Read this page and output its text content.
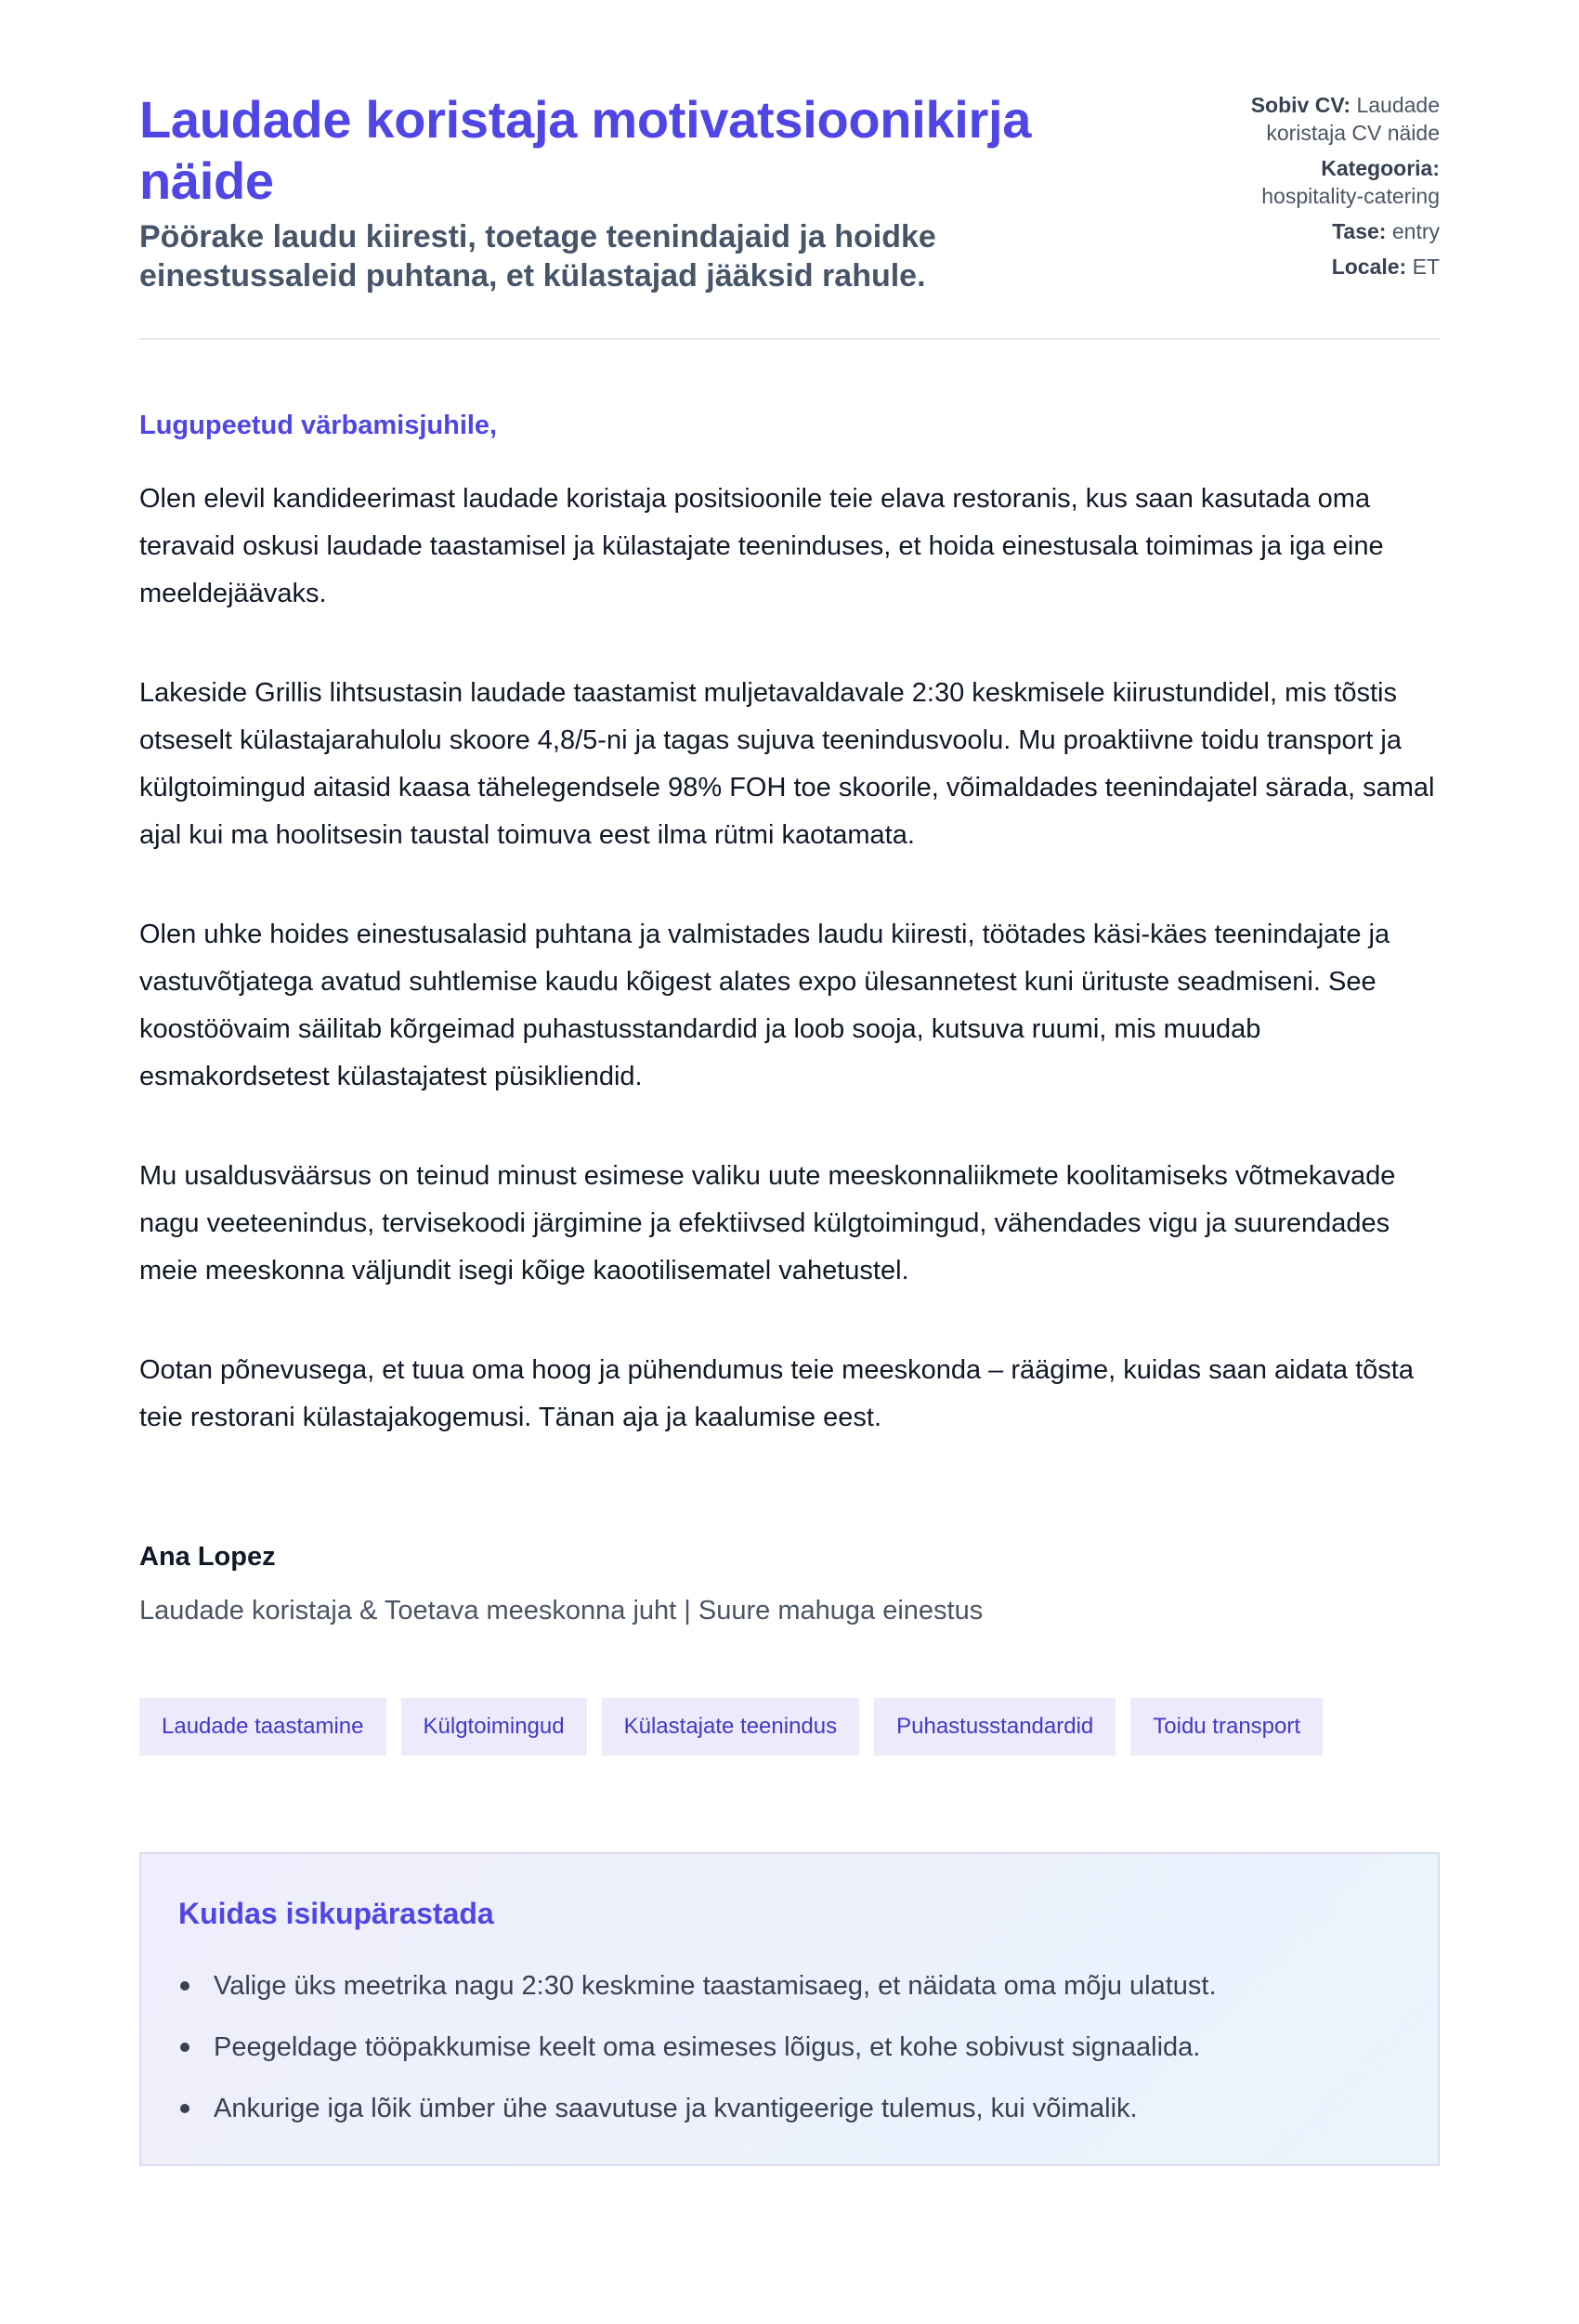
Laudade koristaja motivatsioonikirja näide
Pöörake laudu kiiresti, toetage teenindajaid ja hoidke einestussaleid puhtana, et külastajad jääksid rahule.
Sobiv CV: Laudade koristaja CV näide
Kategooria:
hospitality-catering
Tase: entry
Locale: ET

Lugupeetud värbamisjuhile,

Olen elevil kandideerimast laudade koristaja positsioonile teie elava restoranis, kus saan kasutada oma teravaid oskusi laudade taastamisel ja külastajate teeninduses, et hoida einestusala toimimas ja iga eine meeldejäävaks.

Lakeside Grillis lihtsustasin laudade taastamist muljetavaldavale 2:30 keskmisele kiirustundidel, mis tõstis otseselt külastajarahulolu skoore 4,8/5-ni ja tagas sujuva teenindusvoolu. Mu proaktiivne toidu transport ja külgtoimingud aitasid kaasa tähelegendsele 98% FOH toe skoorile, võimaldades teenindajatel särada, samal ajal kui ma hoolitsesin taustal toimuva eest ilma rütmi kaotamata.

Olen uhke hoides einestusalasid puhtana ja valmistades laudu kiiresti, töötades käsi-käes teenindajate ja vastuvõtjatega avatud suhtlemise kaudu kõigest alates expo ülesannetest kuni ürituste seadmiseni. See koostöövaim säilitab kõrgeimad puhastusstandardid ja loob sooja, kutsuva ruumi, mis muudab esmakordsetest külastajatest püsikliendid.

Mu usaldusväärsus on teinud minust esimese valiku uute meeskonnaliikmete koolitamiseks võtmekavade nagu veeteenindus, tervisekoodi järgimine ja efektiivsed külgtoimingud, vähendades vigu ja suurendades meie meeskonna väljundit isegi kõige kaootilisematel vahetustel.

Ootan põnevusega, et tuua oma hoog ja pühendumus teie meeskonda – räägime, kuidas saan aidata tõsta teie restorani külastajakogemusi. Tänan aja ja kaalumise eest.

Ana Lopez

Laudade koristaja & Toetava meeskonna juht | Suure mahuga einestus

Laudade taastamine	Külgtoimingud	Külastajate teenindus	Puhastusstandardid	Toidu transport
Kuidas isikupärastada
Valige üks meetrika nagu 2:30 keskmine taastamisaeg, et näidata oma mõju ulatust.
Peegeldage tööpakkumise keelt oma esimeses lõigus, et kohe sobivust signaalida.
Ankurige iga lõik ümber ühe saavutuse ja kvantigeerige tulemus, kui võimalik.
